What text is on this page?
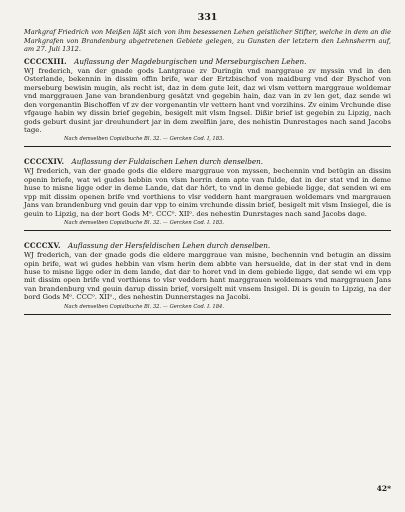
331

Markgraf Friedrich von Meißen läßt sich von ihm besessenen Lehen geistlicher Stifter, welche in dem an die Markgrafen von Brandenburg abgetretenen Gebiete gelegen, zu Gunsten der letztern den Lehnsherrn auf, am 27. Juli 1312.

CCCCXIII. Auflassung der Magdeburgischen und Merseburgischen Lehen.

WJ frederich, van der gnade gods Lantgraue zv Duringin vnd marggraue zv myssin vnd in den Osterlande, bekennin in dissim offin brife, war der Ertzbischof von maidburg vnd der Byschof von merseburg bewisin mugin, als recht ist, daz in dem gute leit, daz wi vlsm vettern marggraue woldemar vnd marggrauen Jane van brandenburg gesätzt vnd gegebin hain, daz van in zv len get, daz sende wi den vorgenantin Bischoffen vf zv der vorgenantin vlr vettern hant vnd vorzihins. Zv einim Vrchunde dise vfgauge habin wy dissin brief gegebin, besigelt mit vlsm Ingsel. Dißir brief ist gegebin zu Lipzig, nach gods geburt dusint jar dreuhundert jar in dem zwelfiin jare, des nehistin Dunrestages nach sand Jacobs tage.

Nach demselben Copialbuche Bl. 32. — Gercken Cod. I, 183.
CCCCXIV. Auflassung der Fuldaischen Lehen durch denselben.

WJ frederich, van der gnade gods die eldere marggraue von myssen, bechennin vnd betügin an dissim openin briefe, wat wi gudes hebbin von vlsm herrin dem apte van fulde, dat in der stat vnd in deme huse to misne ligge oder in deme Lande, dat dar hört, to vnd in deme gebiede ligge, dat senden wi em vpp mit dissim openen brife vnd vorthiens to vlsr veddern hant margrauen woldemars vnd margrauen Jans van brandenburg vnd geuin dar vpp to einim vrchunde dissin brief, besigelt mit vlsm Insiegel, die is geuin to Lipzig, na der bort Gods Mᵒ. CCCᵒ. XIIᵒ. des nehestin Dunrstages nach sand Jacobs dage.

Nach demselben Copialbuche Bl. 32. — Gercken Cod. I. 183.
CCCCXV. Auflassung der Hersfeldischen Lehen durch denselben.

WJ frederich, van der gnade gods die eldere marggraue van misne, bechennin vnd betugin an dissim opin brife, wat wi gudes hebbin van vlsm herin dem abbte van hersuelde, dat in der stat vnd in dem huse to misne ligge oder in dem lande, dat dar to horet vnd in dem gebiede ligge, dat sende wi em vpp mit dissim open brife vnd vorthiens to vlsr veddern hant marggrauen woldemars vnd marggrauen Jans van brandenburg vnd geuin darup dissin brief, vorsigelt mit vnsem Insigel. Di is geuin to Lipzig, na der bord Gods Mᵒ. CCCᵒ. XIIᵒ., des nehestin Dunnerstages na Jacobi.

Nach demselben Copialbuche Bl. 32. — Gercken Cod. I. 184.
42*
